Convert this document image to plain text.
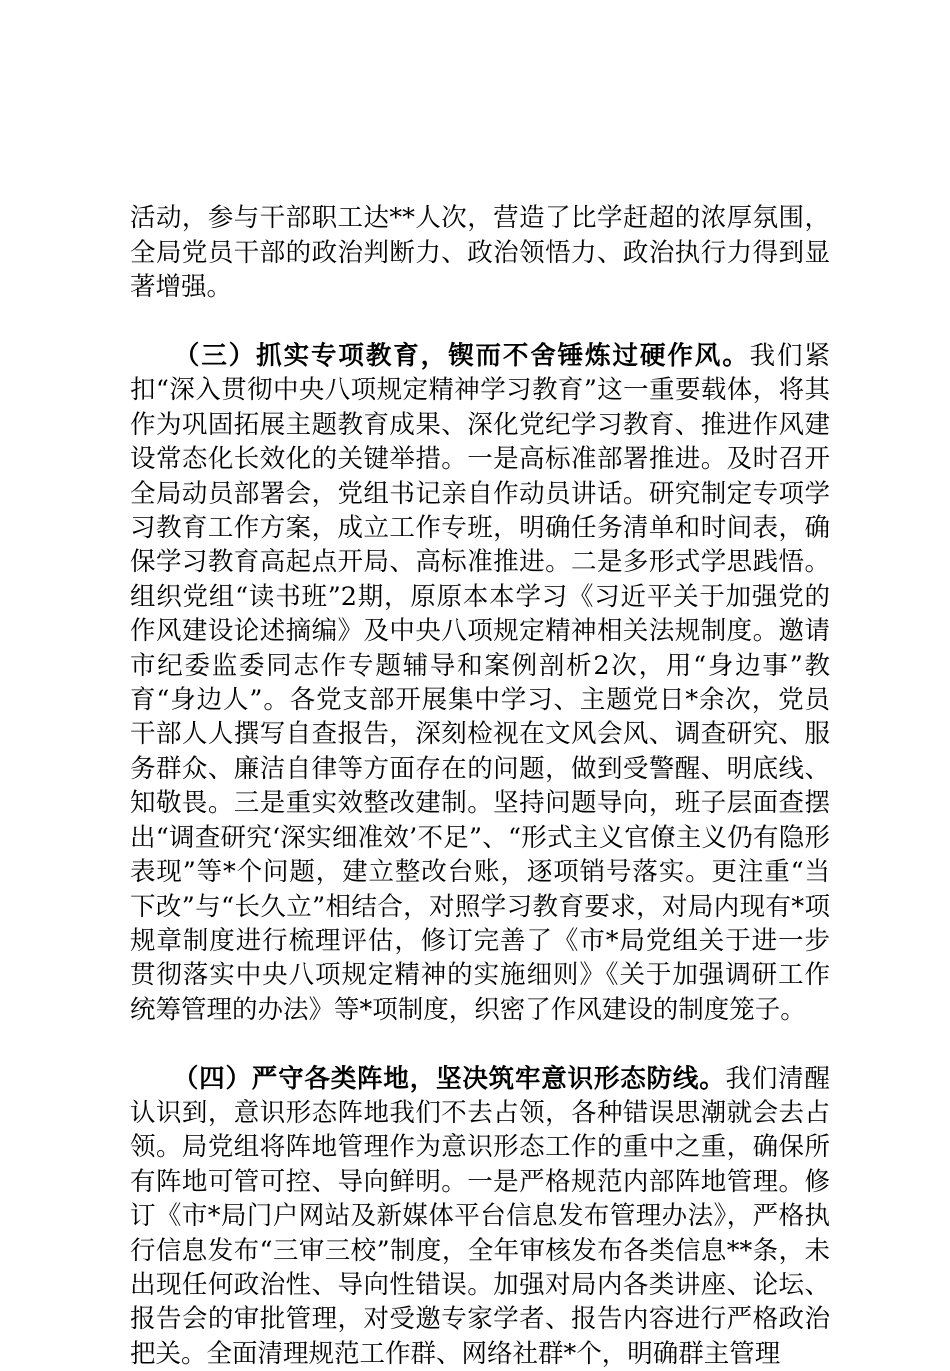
活动，参与干部职工达**人次，营造了比学赶超的浓厚氛围，全局党员干部的政治判断力、政治领悟力、政治执行力得到显著增强。

（三）抓实专项教育，锲而不舍锤炼过硬作风。我们紧扣“深入贯彻中央八项规定精神学习教育”这一重要载体，将其作为巩固拓展主题教育成果、深化党纪学习教育、推进作风建设常态化长效化的关键举措。一是高标准部署推进。及时召开全局动员部署会，党组书记亲自作动员讲话。研究制定专项学习教育工作方案，成立工作专班，明确任务清单和时间表，确保学习教育高起点开局、高标准推进。二是多形式学思践悟。组织党组“读书班”2期，原原本本学习《习近平关于加强党的作风建设论述摘编》及中央八项规定精神相关法规制度。邀请市纪委监委同志作专题辅导和案例剖析2次，用“身边事”教育“身边人”。各党支部开展集中学习、主题党日*余次，党员干部人人撰写自查报告，深刻检视在文风会风、调查研究、服务群众、廉洁自律等方面存在的问题，做到受警醒、明底线、知敬畏。三是重实效整改建制。坚持问题导向，班子层面查摆出“调查研究‘深实细准效’不足”、“形式主义官僚主义仍有隐形表现”等*个问题，建立整改台账，逐项销号落实。更注重“当下改”与“长久立”相结合，对照学习教育要求，对局内现有*项规章制度进行梳理评估，修订完善了《市*局党组关于进一步贯彻落实中央八项规定精神的实施细则》《关于加强调研工作统筹管理的办法》等*项制度，织密了作风建设的制度笼子。

（四）严守各类阵地，坚决筑牢意识形态防线。我们清醒认识到，意识形态阵地我们不去占领，各种错误思潮就会去占领。局党组将阵地管理作为意识形态工作的重中之重，确保所有阵地可管可控、导向鲜明。一是严格规范内部阵地管理。修订《市*局门户网站及新媒体平台信息发布管理办法》，严格执行信息发布“三审三校”制度，全年审核发布各类信息**条，未出现任何政治性、导向性错误。加强对局内各类讲座、论坛、报告会的审批管理，对受邀专家学者、报告内容进行严格政治把关。全面清理规范工作群、网络社群*个，明确群主管理
